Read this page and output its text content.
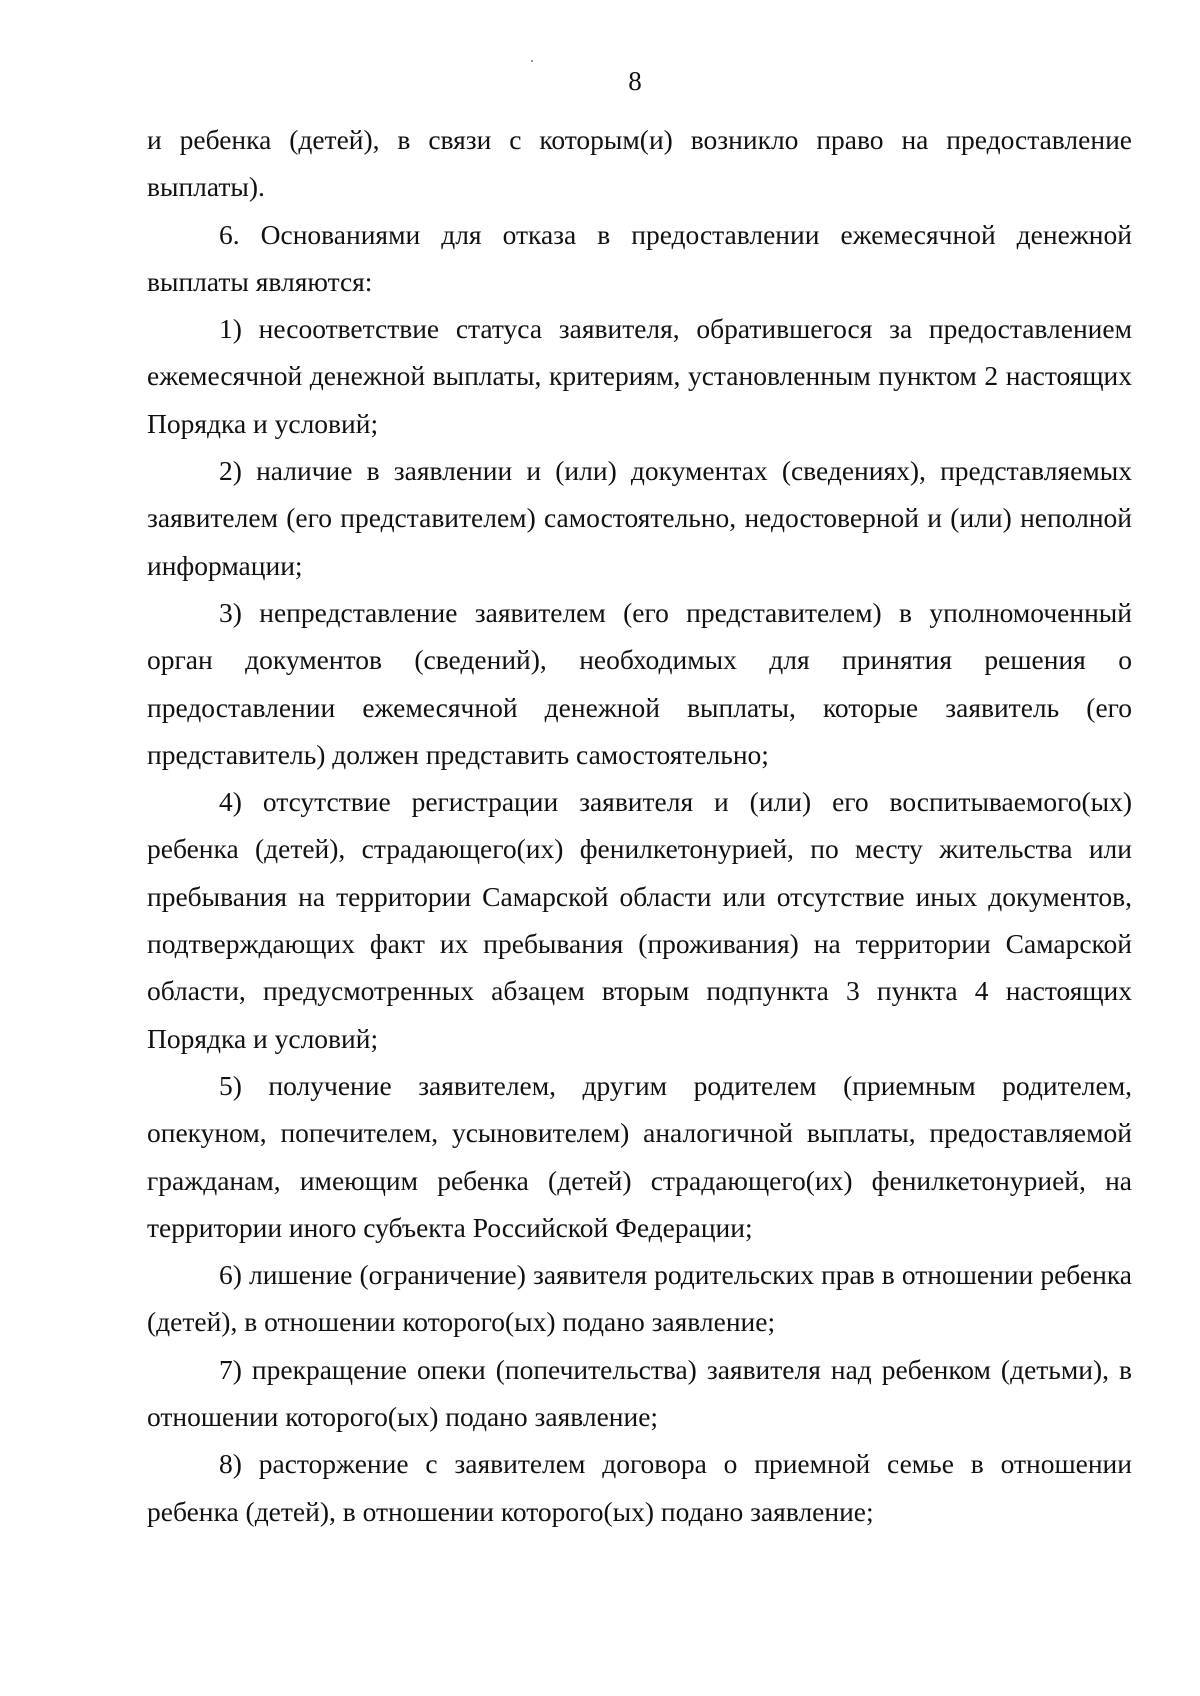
8

и ребенка (детей), в связи с которым(и) возникло право на предоставление выплаты).

6. Основаниями для отказа в предоставлении ежемесячной денежной выплаты являются:

1) несоответствие статуса заявителя, обратившегося за предоставлением ежемесячной денежной выплаты, критериям, установленным пунктом 2 настоящих Порядка и условий;

2) наличие в заявлении и (или) документах (сведениях), представляемых заявителем (его представителем) самостоятельно, недостоверной и (или) неполной информации;

3) непредставление заявителем (его представителем) в уполномоченный орган документов (сведений), необходимых для принятия решения о предоставлении ежемесячной денежной выплаты, которые заявитель (его представитель) должен представить самостоятельно;

4) отсутствие регистрации заявителя и (или) его воспитываемого(ых) ребенка (детей), страдающего(их) фенилкетонурией, по месту жительства или пребывания на территории Самарской области или отсутствие иных документов, подтверждающих факт их пребывания (проживания) на территории Самарской области, предусмотренных абзацем вторым подпункта 3 пункта 4 настоящих Порядка и условий;

5) получение заявителем, другим родителем (приемным родителем, опекуном, попечителем, усыновителем) аналогичной выплаты, предоставляемой гражданам, имеющим ребенка (детей) страдающего(их) фенилкетонурией, на территории иного субъекта Российской Федерации;

6) лишение (ограничение) заявителя родительских прав в отношении ребенка (детей), в отношении которого(ых) подано заявление;

7) прекращение опеки (попечительства) заявителя над ребенком (детьми), в отношении которого(ых) подано заявление;

8) расторжение с заявителем договора о приемной семье в отношении ребенка (детей), в отношении которого(ых) подано заявление;
